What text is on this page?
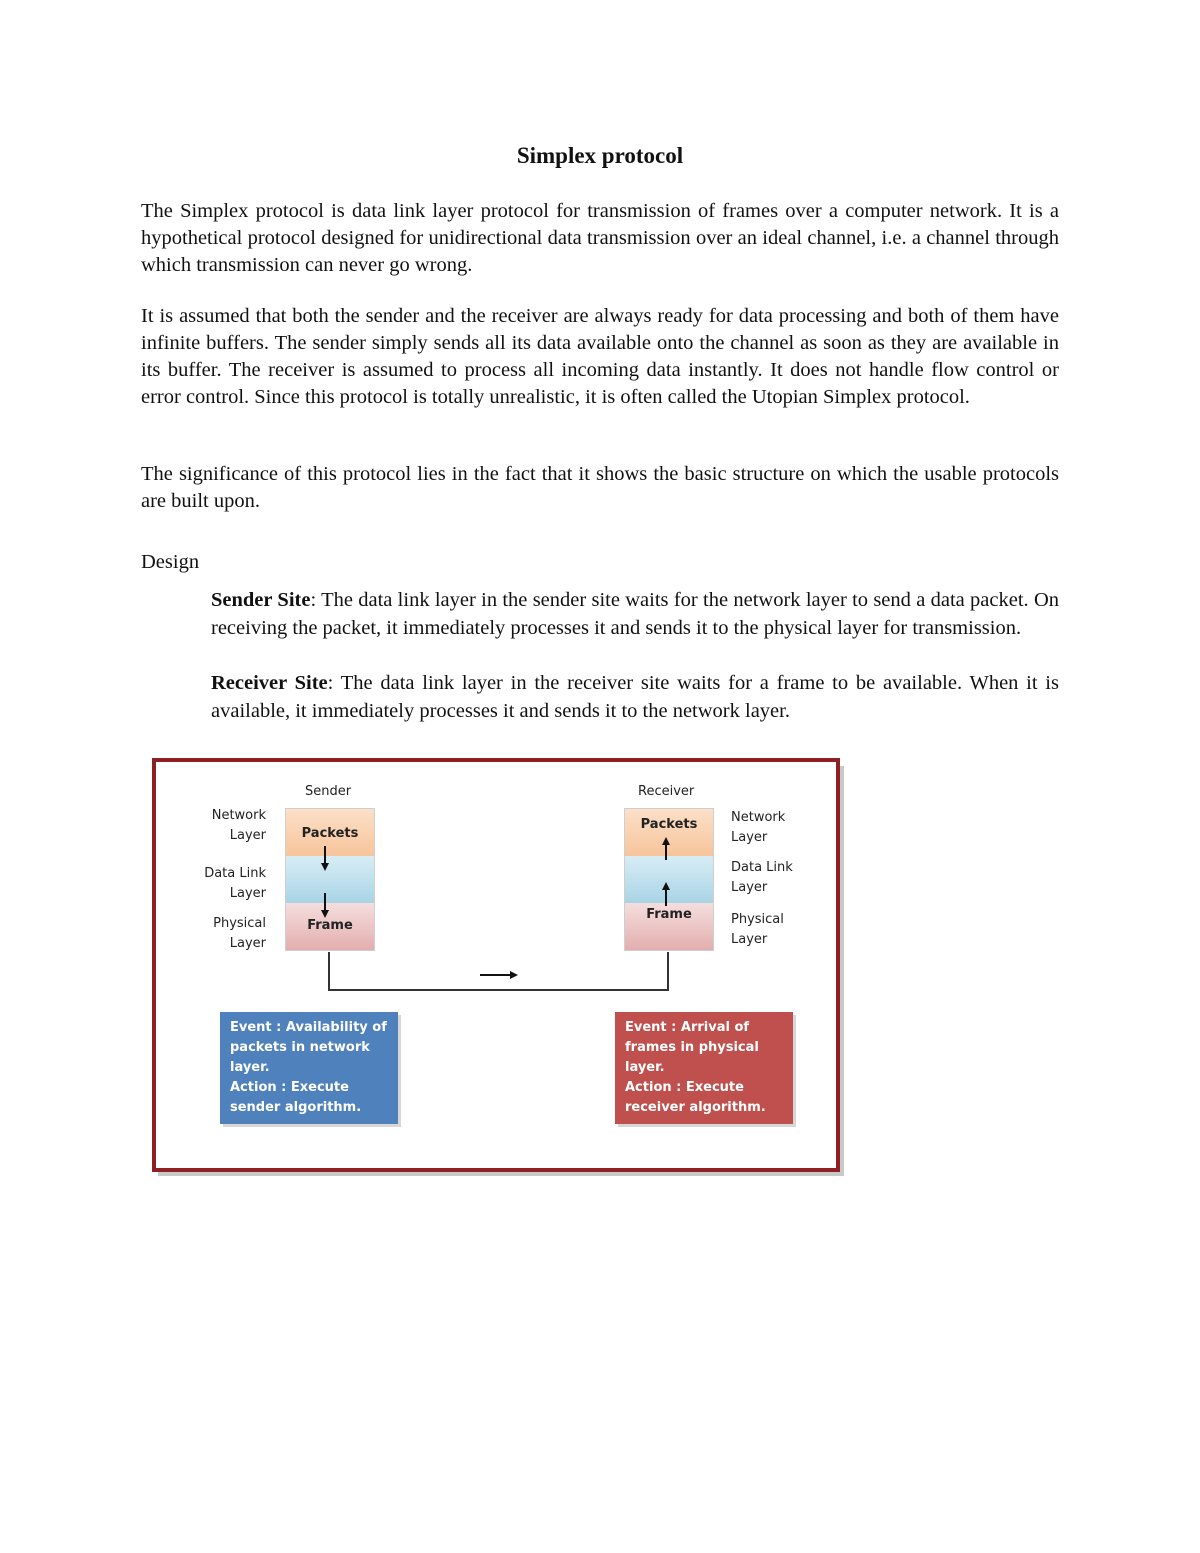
Simplex protocol

The Simplex protocol is data link layer protocol for transmission of frames over a computer network. It is a hypothetical protocol designed for unidirectional data transmission over an ideal channel, i.e. a channel through which transmission can never go wrong.

It is assumed that both the sender and the receiver are always ready for data processing and both of them have infinite buffers. The sender simply sends all its data available onto the channel as soon as they are available in its buffer. The receiver is assumed to process all incoming data instantly. It does not handle flow control or error control. Since this protocol is totally unrealistic, it is often called the Utopian Simplex protocol.

The significance of this protocol lies in the fact that it shows the basic structure on which the usable protocols are built upon.

Design

Sender Site: The data link layer in the sender site waits for the network layer to send a data packet. On receiving the packet, it immediately processes it and sends it to the physical layer for transmission.

Receiver Site: The data link layer in the receiver site waits for a frame to be available. When it is available, it immediately processes it and sends it to the network layer.

Sender
Network
Layer
Data Link
Layer
Physical
Layer
Packets
Frame
Receiver
Packets
Frame
Network
Layer
Data Link
Layer
Physical
Layer
Event : Availability of
packets in network
layer.
Action : Execute
sender algorithm.
Event : Arrival of
frames in physical
layer.
Action : Execute
receiver algorithm.
